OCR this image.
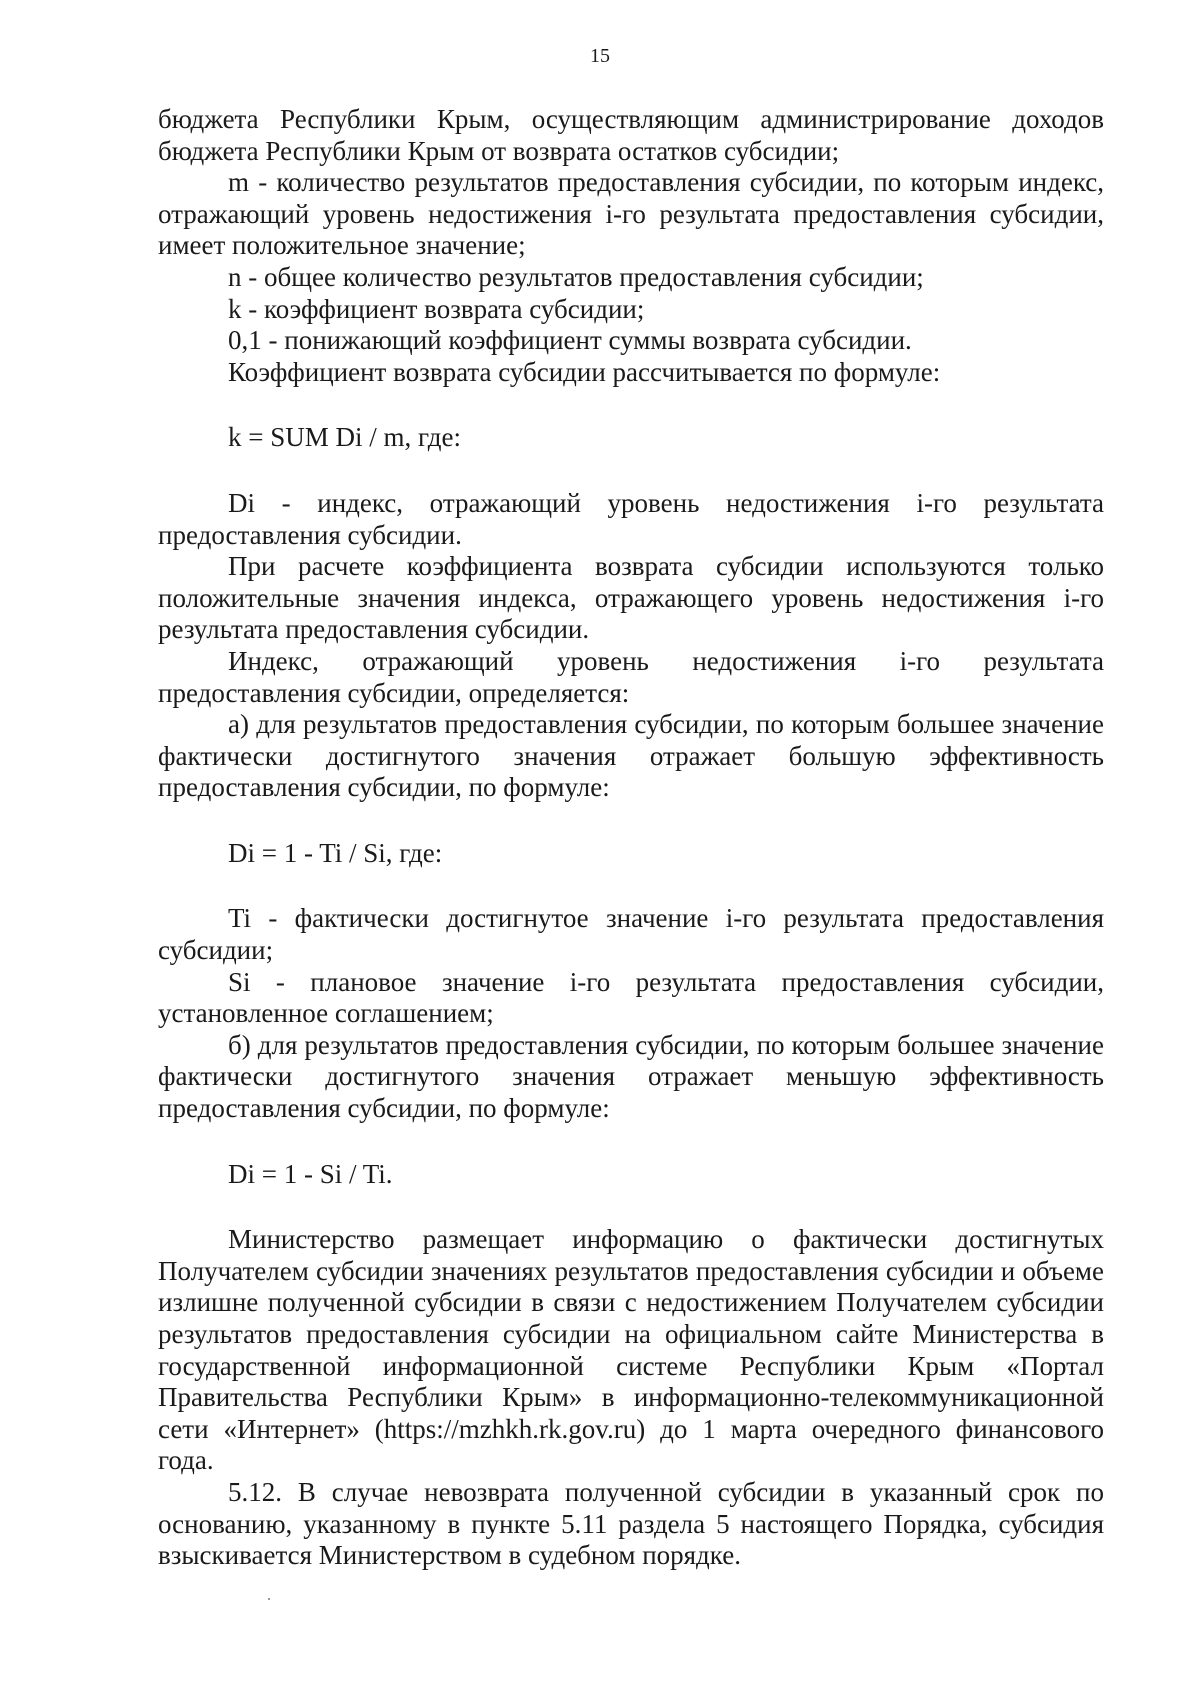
15

бюджета Республики Крым, осуществляющим администрирование доходов бюджета Республики Крым от возврата остатков субсидии;

m - количество результатов предоставления субсидии, по которым индекс, отражающий уровень недостижения i-го результата предоставления субсидии, имеет положительное значение;

n - общее количество результатов предоставления субсидии;

k - коэффициент возврата субсидии;

0,1 - понижающий коэффициент суммы возврата субсидии.

Коэффициент возврата субсидии рассчитывается по формуле:

k = SUM Di / m, где:

Di - индекс, отражающий уровень недостижения i-го результата предоставления субсидии.

При расчете коэффициента возврата субсидии используются только положительные значения индекса, отражающего уровень недостижения i-го результата предоставления субсидии.

Индекс, отражающий уровень недостижения i-го результата предоставления субсидии, определяется:

а) для результатов предоставления субсидии, по которым большее значение фактически достигнутого значения отражает большую эффективность предоставления субсидии, по формуле:

Di = 1 - Ti / Si, где:

Ti - фактически достигнутое значение i-го результата предоставления субсидии;

Si - плановое значение i-го результата предоставления субсидии, установленное соглашением;

б) для результатов предоставления субсидии, по которым большее значение фактически достигнутого значения отражает меньшую эффективность предоставления субсидии, по формуле:

Di = 1 - Si / Ti.

Министерство размещает информацию о фактически достигнутых Получателем субсидии значениях результатов предоставления субсидии и объеме излишне полученной субсидии в связи с недостижением Получателем субсидии результатов предоставления субсидии на официальном сайте Министерства в государственной информационной системе Республики Крым «Портал Правительства Республики Крым» в информационно-телекоммуникационной сети «Интернет» (https://mzhkh.rk.gov.ru) до 1 марта очередного финансового года.

5.12. В случае невозврата полученной субсидии в указанный срок по основанию, указанному в пункте 5.11 раздела 5 настоящего Порядка, субсидия взыскивается Министерством в судебном порядке.
